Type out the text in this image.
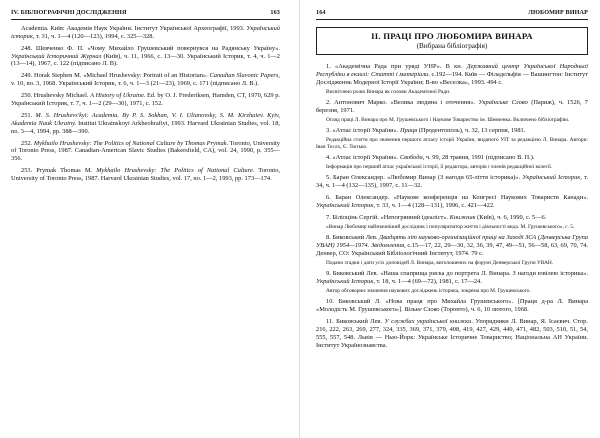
IV. БІБЛІОГРАФІЧНІ ДОСЛІДЖЕННЯ	163

Academia. Київ: Академія Наук України. Інститут Української Археографії, 1993. Український історик, т. 31, ч. 1—4 (120—123), 1994, с. 325—328.

248. Шевченко Ф. П. «Чому Михайло Грушевський повернувся на Радянську Україну». Український Історичний Журнал (Київ), ч. 11, 1966, с. 13—30. Український Історик, т. 4, ч. 1—2 (13—14), 1967, с. 122 (підписано Л. В).

249. Horak Stephen M. «Michael Hrushevsky: Portrait of an Historian». Canadian Slavonic Papers, v. 10, no. 3, 1968. Український Історик, т. 6, ч. 1—3 (21—23), 1969, с. 171 (підписано Л. В.).

250. Hrushevsky Michael. A History of Ukraine. Ed. by O. J. Frederiksen, Hamden, CT, 1970, 629 p. Український Історик, т. 7, ч. 1—2 (29—30), 1971, с. 152.

251. M. S. Hrushevs'kyi: Academia. By P. S. Sokhan, V. I. Ulianovsky, S. M. Kirzhaiev. Kyiv, Akademia Nauk Ukrainy. Institut Ukrainskoyi Arkheohrafiyi, 1993. Harvard Ukrainian Studies, vol. 18, no. 3—4, 1994, pp. 388—390.

252. Mykhailo Hrushevsky: The Politics of National Culture by Thomas Prymak. Toronto, University of Toronto Press, 1987. Canadian-American Slavic Studies (Bakersfield, CA), vol. 24, 1990, p. 355—356.

253. Prymak Thomas M. Mykhailo Hrushevsky: The Politics of National Culture. Toronto, University of Toronto Press, 1987. Harvard Ukrainian Studies, vol. 17, no. 1—2, 1993, pp. 173—174.

164	ЛЮБОМИР ВИНАР
II. ПРАЦІ ПРО ЛЮБОМИРА ВИНАРА
(Вибрана бібліографія)

1. «Академічна Рада при уряді УНР». В кн. Державний центр Української Народньої Республіки в екзилі: Статті і матеріали. с.192—194. Київ — Філадельфія — Вашингтон: Інститут Дослідженнь Модерної Історії України; В-во «Веселка», 1993. 494 с.

Висвітлено ролю Винара як голови Академічної Ради.

2. Антонович Марко. «Велика людина і оточення». Українське Слово (Париж), ч. 1526, 7 березня, 1971.

Огляд праці Л. Винара про М. Грушевського і Наукове Товариство ім. Шевченка. Включено бібліографію.

3. «Атлас історії України». Праця (Продентополь), ч. 32, 13 серпня, 1981.

Редакційна стаття про значення першого атласу історії України, виданого УІТ за редакцією Л. Винара. Автори: Іван Теслх, Є. Тютько.

4. «Атлас історії України». Свобода, ч. 99, 28 травня, 1991 (підписано В. П.).

Інформація про перший атлас української історії, її редактора, авторів і членів редакційної колегії.

5. Баран Олександер. «Любомир Винар (З нагоди 65-ліття історика)». Український Історик, т. 34, ч. 1—4 (132—135), 1997, с. 11—32.

6. Баран Олександер. «Наукове конференція на Конгресі Наукових Товариств Канади». Український Історик, т. 33, ч. 1—4 (128—131), 1996, с. 421—422.

7. Біліоцінь Сергій. «Непогрянний ідеаліст». Книжник (Київ), ч. 6, 1990, с. 5—6.

«Винар Любомир найзначніший дослідник і популяризатор життя і діяльності вида. М. Грушевського», с. 5.

8. Биковський Лев. Двадцять літ науково-організаційної праці на Заході ЗСА (Денверська Група УВАН) 1954—1974. Звідомлення, с.15—17, 22, 29—30, 32, 36, 39, 47, 49—51, 56—58, 63, 69, 70, 74. Денвер, CO: Український Бібліологічний Інститут, 1974. 79 с.

Подано згадки і дати усіх доповідей Л. Винара, виголошених на форумі Денверської Групи УВАН.

9. Биковський Лев. «Наша спаприща риска до портрета Л. Винара. З нагоди ювілею історика». Український Історик, т. 18, ч. 1—4 (69—72), 1981, с. 17—24.

Автор обговорює значення наукових досліджень історика, зокрема про М. Грушевського.

10. Биковський Л. «Нова праця про Михайла Грушевського». [Праця д-ра Л. Винара «Молодість М. Грушевського»]. Вільне Слово (Торонто), ч. 6, 10 лютого, 1968.

11. Биковський Лев. У службах української книжки. Упорядники Л. Винар, Я. Ісаєвич. Стор. 216, 222, 263, 269, 277, 324, 335, 369, 371, 379, 408, 419, 427, 429, 449, 471, 482, 503, 510, 51, 54, 555, 557, 548. Львів — Нью-Йорк: Українське Історичне Товариство; Національна АН України. Інститут Українознавства.
